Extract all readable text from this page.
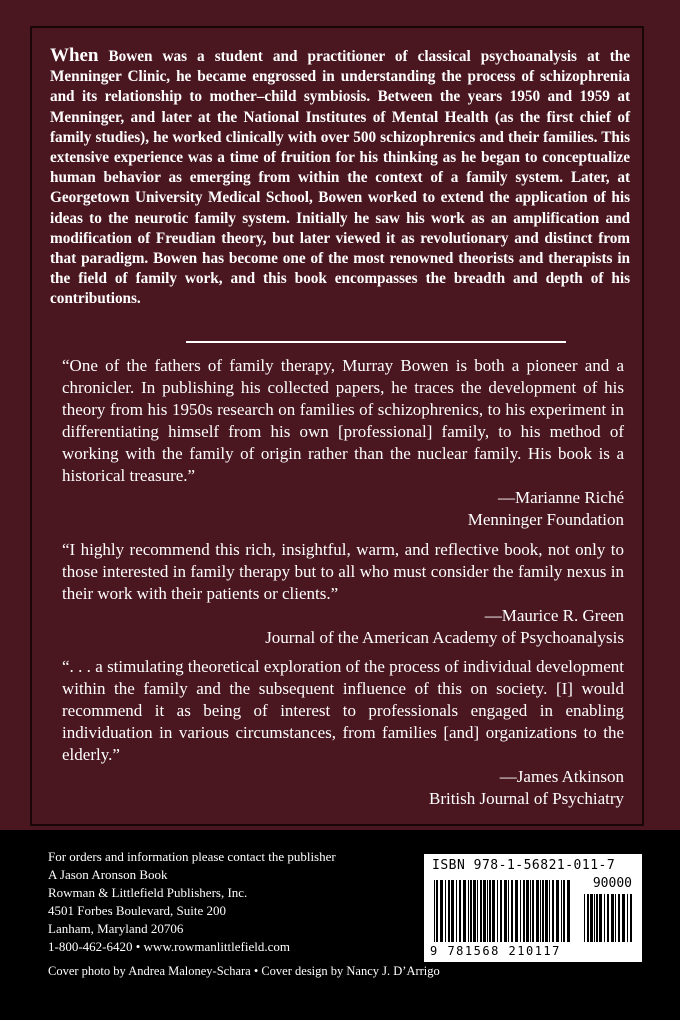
When Bowen was a student and practitioner of classical psychoanalysis at the Menninger Clinic, he became engrossed in understanding the process of schizophrenia and its relationship to mother–child symbiosis. Between the years 1950 and 1959 at Menninger, and later at the National Institutes of Mental Health (as the first chief of family studies), he worked clinically with over 500 schizophrenics and their families. This extensive experience was a time of fruition for his thinking as he began to conceptualize human behavior as emerging from within the context of a family system. Later, at Georgetown University Medical School, Bowen worked to extend the application of his ideas to the neurotic family system. Initially he saw his work as an amplification and modification of Freudian theory, but later viewed it as revolutionary and distinct from that paradigm. Bowen has become one of the most renowned theorists and therapists in the field of family work, and this book encompasses the breadth and depth of his contributions.

“One of the fathers of family therapy, Murray Bowen is both a pioneer and a chronicler. In publishing his collected papers, he traces the development of his theory from his 1950s research on families of schizophrenics, to his experiment in differentiating himself from his own [professional] family, to his method of working with the family of origin rather than the nuclear family. His book is a historical treasure.”

—Marianne Riché
Menninger Foundation

“I highly recommend this rich, insightful, warm, and reflective book, not only to those interested in family therapy but to all who must consider the family nexus in their work with their patients or clients.”

—Maurice R. Green
Journal of the American Academy of Psychoanalysis

“. . . a stimulating theoretical exploration of the process of individual development within the family and the subsequent influence of this on society. [I] would recommend it as being of interest to professionals engaged in enabling individuation in various circumstances, from families [and] organizations to the elderly.”

—James Atkinson
British Journal of Psychiatry
For orders and information please contact the publisher
A Jason Aronson Book
Rowman & Littlefield Publishers, Inc.
4501 Forbes Boulevard, Suite 200
Lanham, Maryland 20706
1-800-462-6420 • www.rowmanlittlefield.com
Cover photo by Andrea Maloney-Schara • Cover design by Nancy J. D’Arrigo
ISBN 978-1-56821-011-7
90000
9 781568 210117
